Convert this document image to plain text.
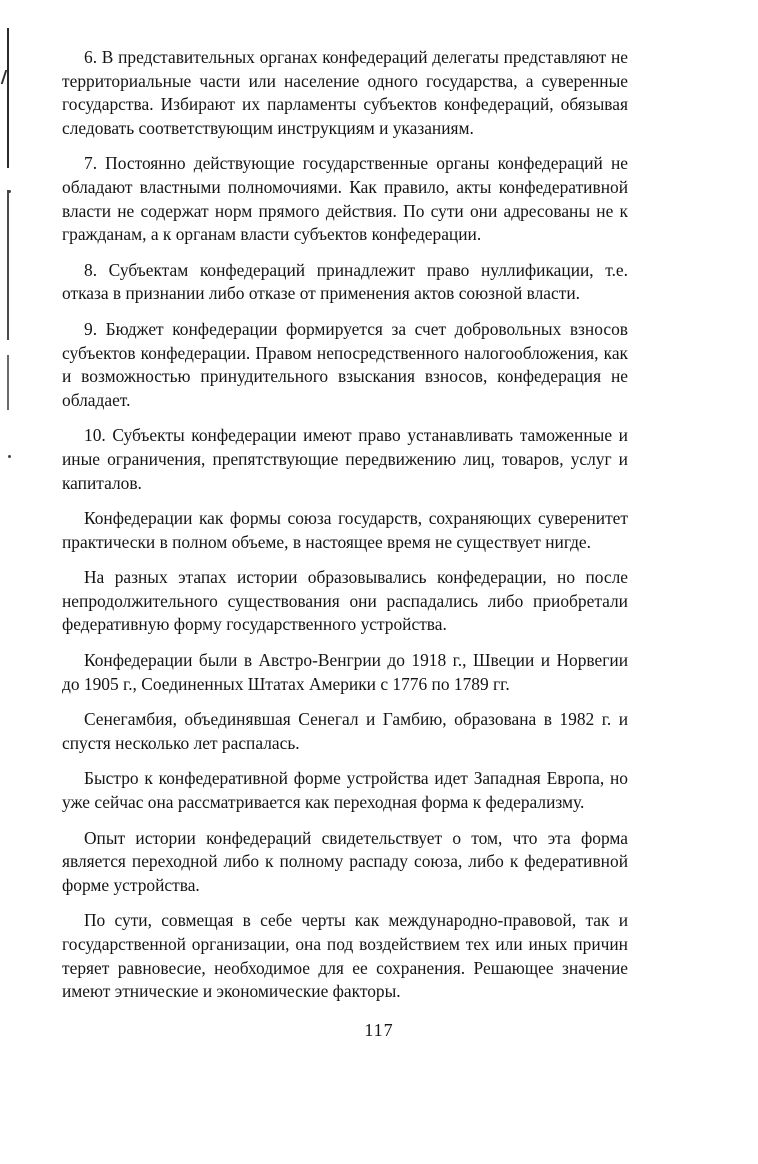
6. В представительных органах конфедераций делегаты представляют не территориальные части или население одного государства, а суверенные государства. Избирают их парламенты субъектов конфедераций, обязывая следовать соответствующим инструкциям и указаниям.

7. Постоянно действующие государственные органы конфедераций не обладают властными полномочиями. Как правило, акты конфедеративной власти не содержат норм прямого действия. По сути они адресованы не к гражданам, а к органам власти субъектов конфедерации.

8. Субъектам конфедераций принадлежит право нуллификации, т.е. отказа в признании либо отказе от применения актов союзной власти.

9. Бюджет конфедерации формируется за счет добровольных взносов субъектов конфедерации. Правом непосредственного налогообложения, как и возможностью принудительного взыскания взносов, конфедерация не обладает.

10. Субъекты конфедерации имеют право устанавливать таможенные и иные ограничения, препятствующие передвижению лиц, товаров, услуг и капиталов.

Конфедерации как формы союза государств, сохраняющих суверенитет практически в полном объеме, в настоящее время не существует нигде.

На разных этапах истории образовывались конфедерации, но после непродолжительного существования они распадались либо приобретали федеративную форму государственного устройства.

Конфедерации были в Австро-Венгрии до 1918 г., Швеции и Норвегии до 1905 г., Соединенных Штатах Америки с 1776 по 1789 гг.

Сенегамбия, объединявшая Сенегал и Гамбию, образована в 1982 г. и спустя несколько лет распалась.

Быстро к конфедеративной форме устройства идет Западная Европа, но уже сейчас она рассматривается как переходная форма к федерализму.

Опыт истории конфедераций свидетельствует о том, что эта форма является переходной либо к полному распаду союза, либо к федеративной форме устройства.

По сути, совмещая в себе черты как международно-правовой, так и государственной организации, она под воздействием тех или иных причин теряет равновесие, необходимое для ее сохранения. Решающее значение имеют этнические и экономические факторы.

117
